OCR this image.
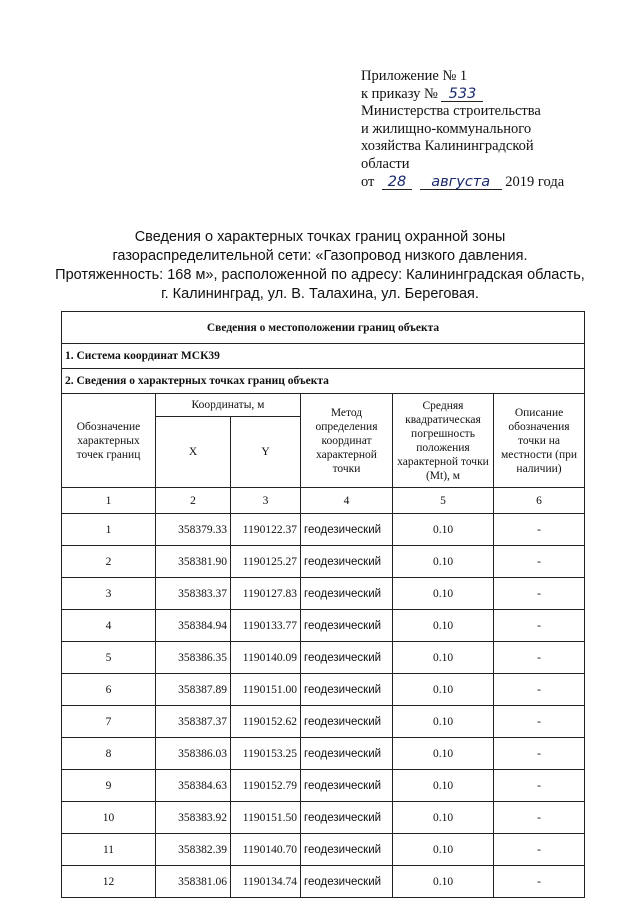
Приложение № 1
к приказу № 533
Министерства строительства
и жилищно-коммунального
хозяйства Калининградской
области
от 28 августа 2019 года
Сведения о характерных точках границ охранной зоны
газораспределительной сети: «Газопровод низкого давления.
Протяженность: 168 м», расположенной по адресу: Калининградская область,
г. Калининград, ул. В. Талахина, ул. Береговая.
Сведения о местоположении границ объекта					
1. Система координат МСК39					
2. Сведения о характерных точках границ объекта					
Обозначение характерных точек границ	Координаты, м		Метод определения координат характерной точки	Средняя квадратическая погрешность положения характерной точки (Mt), м	Описание обозначения точки на местности (при наличии)
	X	Y			
1	2	3	4	5	6
1	358379.33	1190122.37	геодезический	0.10	-
2	358381.90	1190125.27	геодезический	0.10	-
3	358383.37	1190127.83	геодезический	0.10	-
4	358384.94	1190133.77	геодезический	0.10	-
5	358386.35	1190140.09	геодезический	0.10	-
6	358387.89	1190151.00	геодезический	0.10	-
7	358387.37	1190152.62	геодезический	0.10	-
8	358386.03	1190153.25	геодезический	0.10	-
9	358384.63	1190152.79	геодезический	0.10	-
10	358383.92	1190151.50	геодезический	0.10	-
11	358382.39	1190140.70	геодезический	0.10	-
12	358381.06	1190134.74	геодезический	0.10	-
